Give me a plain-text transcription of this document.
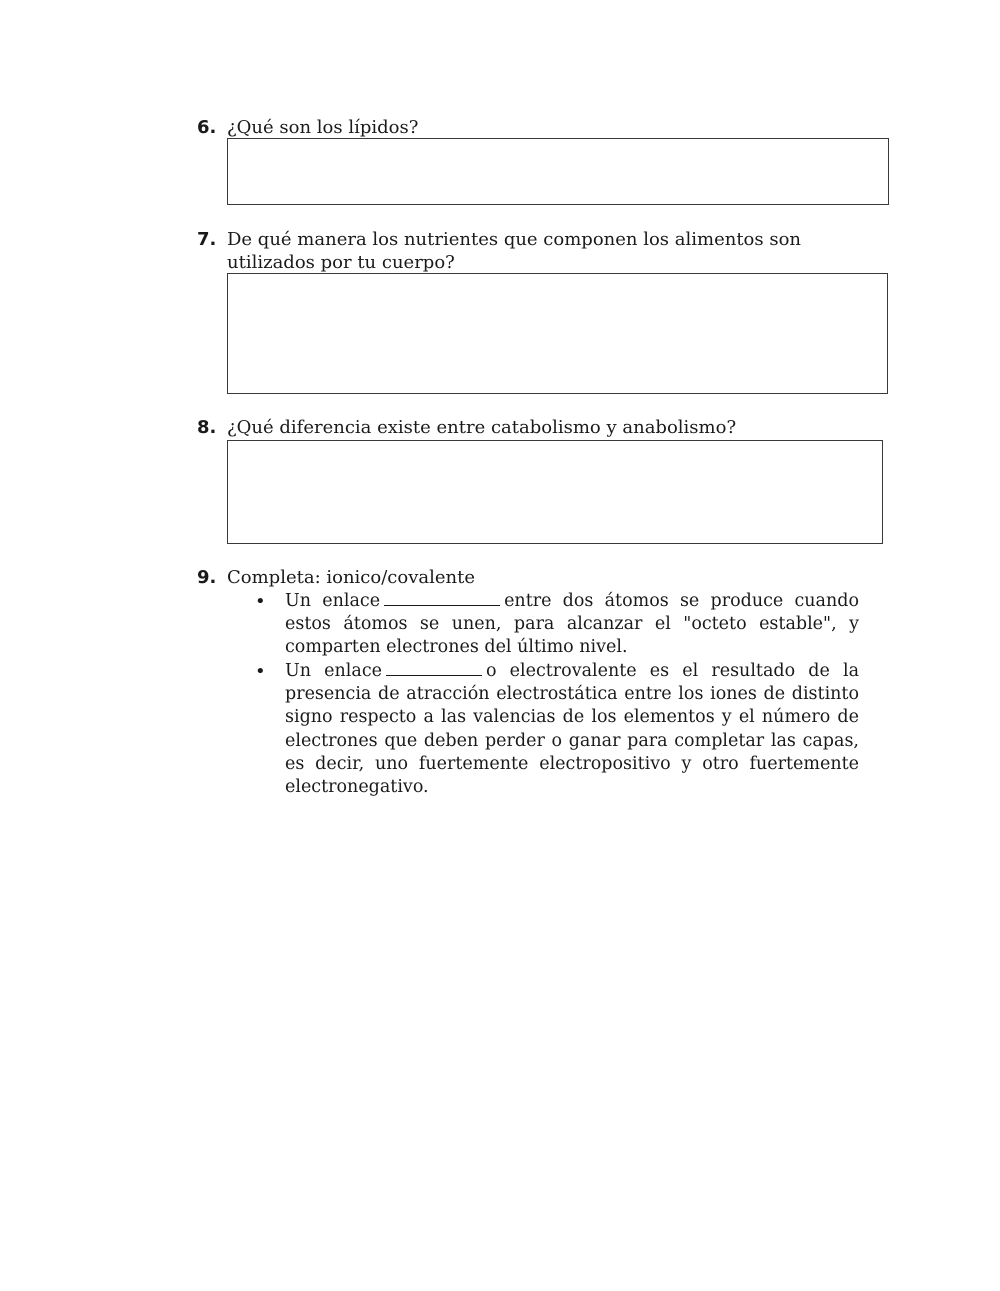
6. ¿Qué son los lípidos?
7. De qué manera los nutrientes que componen los alimentos son
utilizados por tu cuerpo?
8. ¿Qué diferencia existe entre catabolismo y anabolismo?
9. Completa: ionico/covalente
• Un enlace	entre dos átomos se produce cuando estos átomos se unen, para alcanzar el "octeto estable", y comparten electrones del último nivel.
• Un enlace	o electrovalente es el resultado de la presencia de atracción electrostática entre los iones de distinto signo respecto a las valencias de los elementos y el número de electrones que deben perder o ganar para completar las capas, es decir, uno fuertemente electropositivo y otro fuertemente electronegativo.
